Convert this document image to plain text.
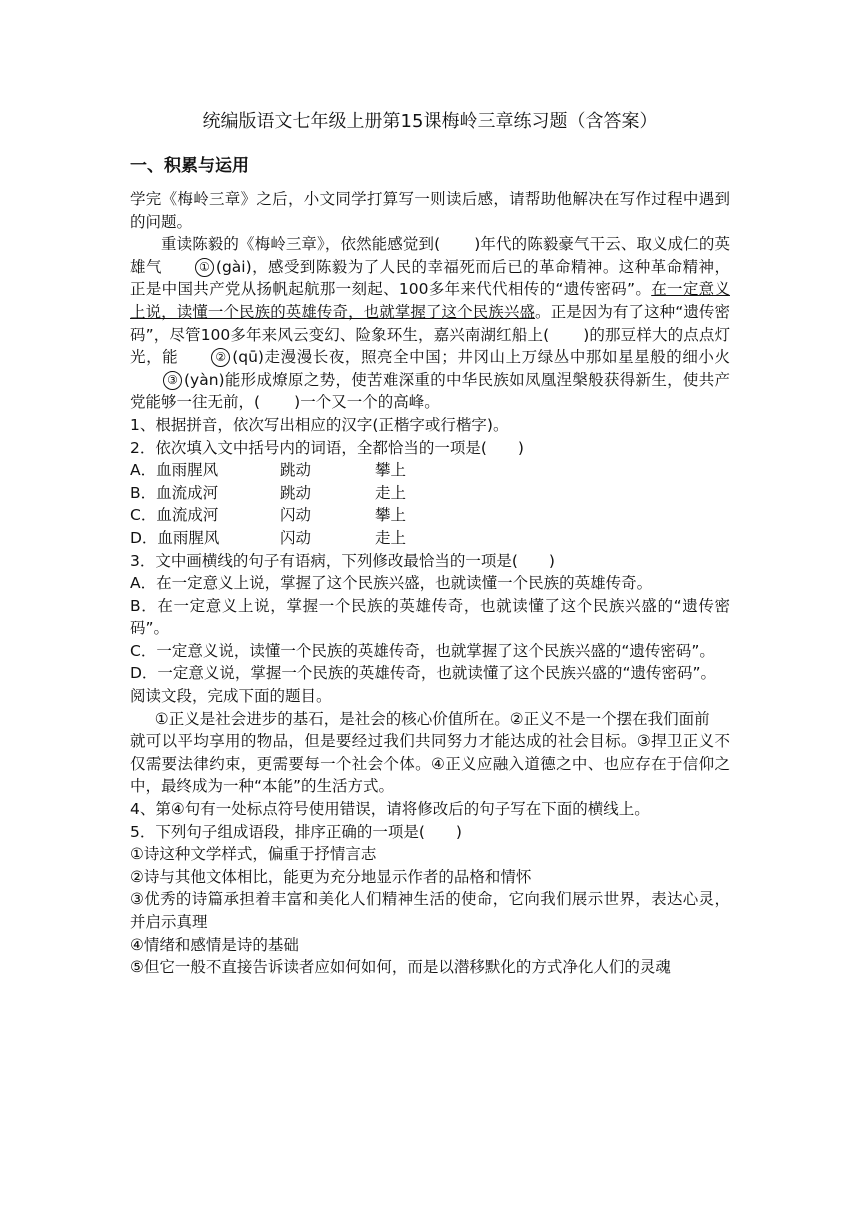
统编版语文七年级上册第15课梅岭三章练习题（含答案）
一、积累与运用

学完《梅岭三章》之后，小文同学打算写一则读后感，请帮助他解决在写作过程中遇到的问题。

重读陈毅的《梅岭三章》，依然能感觉到( )年代的陈毅豪气干云、取义成仁的英雄气	① (gài)，感受到陈毅为了人民的幸福死而后已的革命精神。这种革命精神，正是中国共产党从扬帆起航那一刻起、100多年来代代相传的“遗传密码”。在一定意义上说，读懂一个民族的英雄传奇，也就掌握了这个民族兴盛。正是因为有了这种“遗传密码”，尽管100多年来风云变幻、险象环生，嘉兴南湖红船上( )的那豆样大的点点灯光，能	② (qū)走漫漫长夜，照亮全中国；井冈山上万绿丛中那如星星般的细小火③ (yàn)能形成燎原之势，使苦难深重的中华民族如凤凰涅槃般获得新生，使共产党能够一往无前，( )一个又一个的高峰。

1、根据拼音，依次写出相应的汉字(正楷字或行楷字)。

2．依次填入文中括号内的词语，全都恰当的一项是(　　)

A．血雨腥风	跳动	攀上
B．血流成河	跳动	走上
C．血流成河	闪动	攀上
D．血雨腥风	闪动	走上

3．文中画横线的句子有语病，下列修改最恰当的一项是(　　)

A．在一定意义上说，掌握了这个民族兴盛，也就读懂一个民族的英雄传奇。

B．在一定意义上说，掌握一个民族的英雄传奇，也就读懂了这个民族兴盛的“遗传密码”。

C．一定意义说，读懂一个民族的英雄传奇，也就掌握了这个民族兴盛的“遗传密码”。

D．一定意义说，掌握一个民族的英雄传奇，也就读懂了这个民族兴盛的“遗传密码”。

阅读文段，完成下面的题目。

①正义是社会进步的基石，是社会的核心价值所在。②正义不是一个摆在我们面前

就可以平均享用的物品，但是要经过我们共同努力才能达成的社会目标。③捍卫正义不仅需要法律约束，更需要每一个社会个体。④正义应融入道德之中、也应存在于信仰之中，最终成为一种“本能”的生活方式。

4、第④句有一处标点符号使用错误，请将修改后的句子写在下面的横线上。

5．下列句子组成语段，排序正确的一项是(　　)

①诗这种文学样式，偏重于抒情言志

②诗与其他文体相比，能更为充分地显示作者的品格和情怀

③优秀的诗篇承担着丰富和美化人们精神生活的使命，它向我们展示世界，表达心灵，并启示真理

④情绪和感情是诗的基础

⑤但它一般不直接告诉读者应如何如何，而是以潜移默化的方式净化人们的灵魂
